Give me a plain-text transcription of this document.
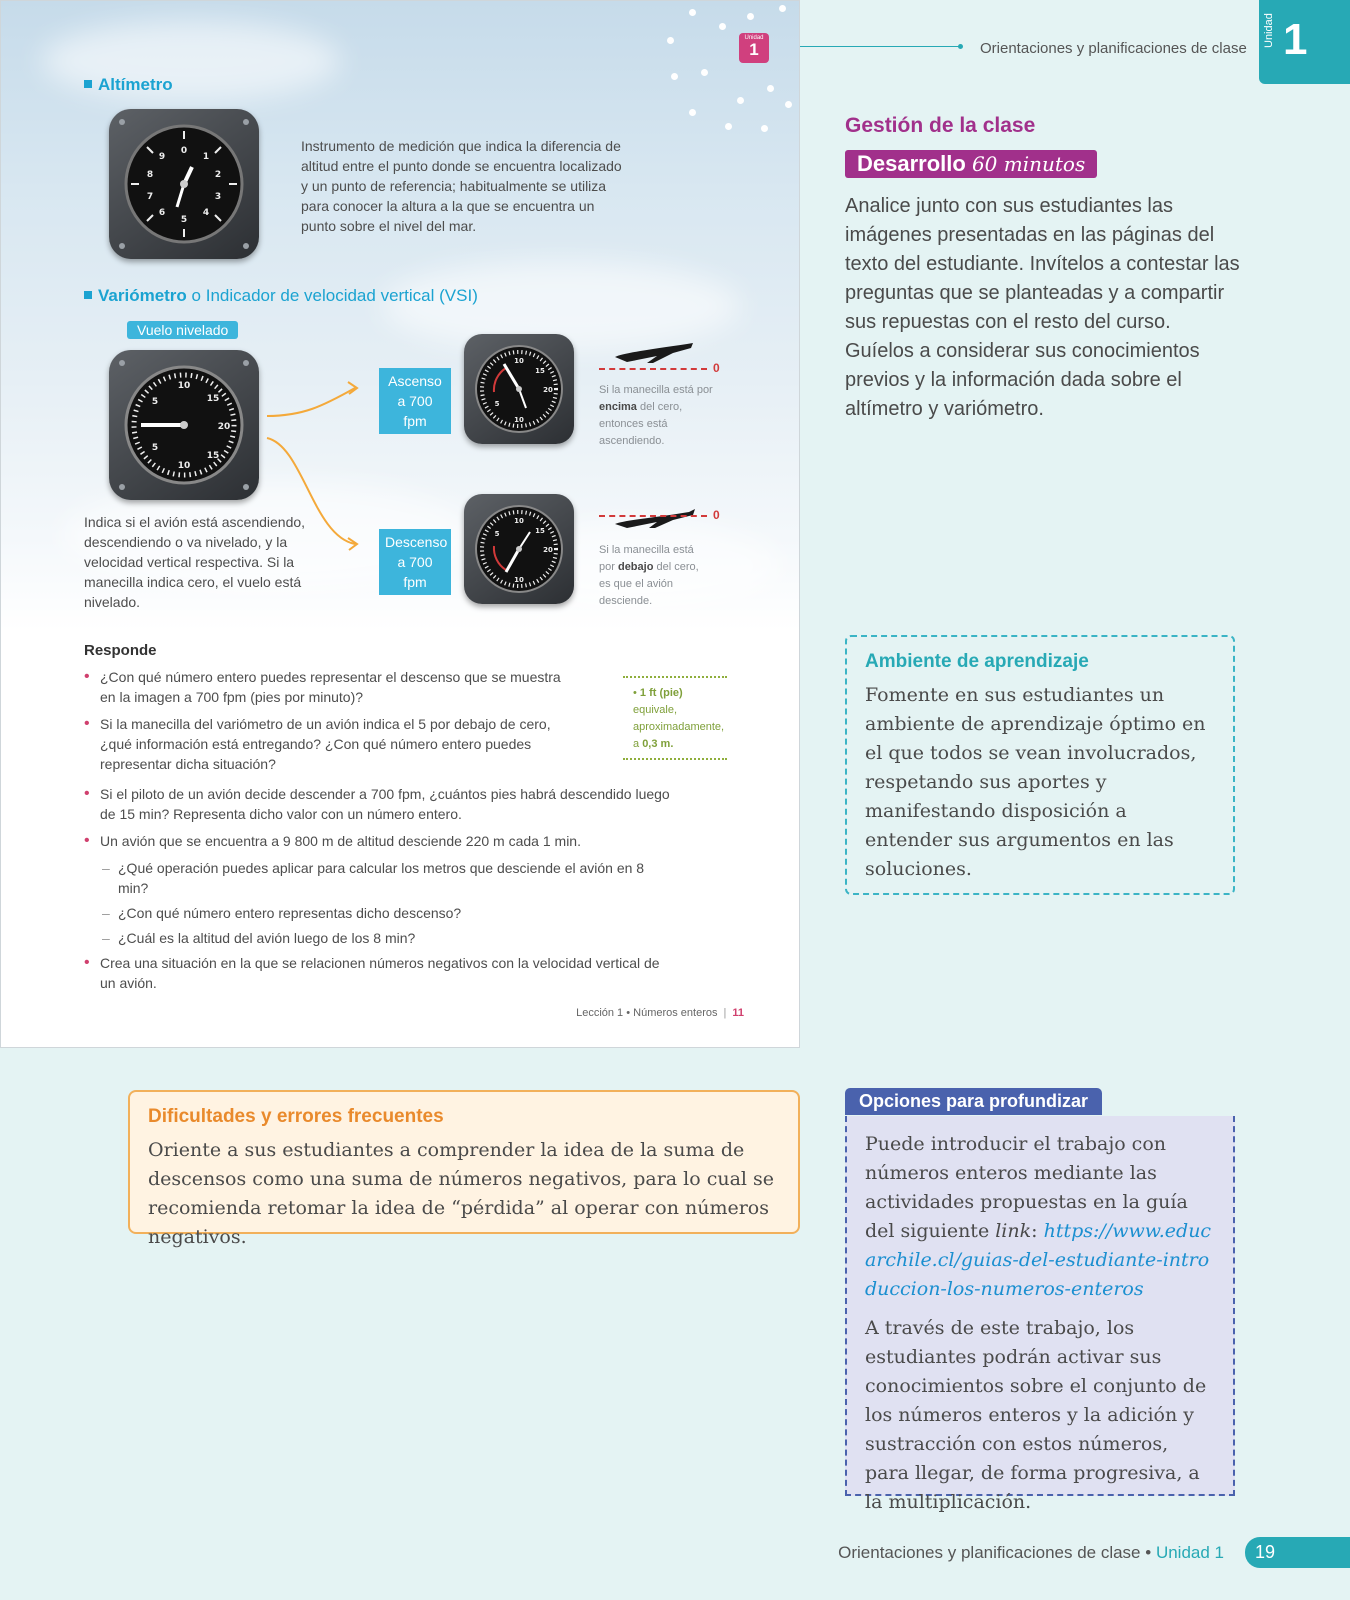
Unidad
1
Altímetro
0
1
2
3
4
5
6
7
8
9
Instrumento de medición que indica la diferencia de altitud entre el punto donde se encuentra localizado y un punto de referencia; habitualmente se utiliza para conocer la altura a la que se encuentra un punto sobre el nivel del mar.
Variómetro o Indicador de velocidad vertical (VSI)
Vuelo nivelado
10
15
20
15
10
5
5
Ascenso a 700 fpm
Descenso a 700 fpm
10
15
20
10
5
10
15
20
10
5
0
0
Si la manecilla está por encima del cero, entonces está ascendiendo.
Si la manecilla está por debajo del cero, es que el avión desciende.
Indica si el avión está ascendiendo, descendiendo o va nivelado, y la velocidad vertical respectiva. Si la manecilla indica cero, el vuelo está nivelado.
Responde
• ¿Con qué número entero puedes representar el descenso que se muestra en la imagen a 700 fpm (pies por minuto)?
• Si la manecilla del variómetro de un avión indica el 5 por debajo de cero, ¿qué información está entregando? ¿Con qué número entero puedes representar dicha situación?
• Si el piloto de un avión decide descender a 700 fpm, ¿cuántos pies habrá descendido luego de 15 min? Representa dicho valor con un número entero.
• Un avión que se encuentra a 9 800 m de altitud desciende 220 m cada 1 min.
– ¿Qué operación puedes aplicar para calcular los metros que desciende el avión en 8 min?
– ¿Con qué número entero representas dicho descenso?
– ¿Cuál es la altitud del avión luego de los 8 min?
• Crea una situación en la que se relacionen números negativos con la velocidad vertical de un avión.
• 1 ft (pie) equivale, aproximadamente, a 0,3 m.
Lección 1 • Números enteros | 11
Orientaciones y planificaciones de clase
Unidad 1
Gestión de la clase
Desarrollo 60 minutos
Analice junto con sus estudiantes las imágenes presentadas en las páginas del texto del estudiante. Invítelos a contestar las preguntas que se planteadas y a compartir sus repuestas con el resto del curso. Guíelos a considerar sus conocimientos previos y la información dada sobre el altímetro y variómetro.
Ambiente de aprendizaje

Fomente en sus estudiantes un ambiente de aprendizaje óptimo en el que todos se vean involucrados, respetando sus aportes y manifestando disposición a entender sus argumentos en las soluciones.

Dificultades y errores frecuentes

Oriente a sus estudiantes a comprender la idea de la suma de descensos como una suma de números negativos, para lo cual se recomienda retomar la idea de “pérdida” al operar con números negativos.

Opciones para profundizar

Puede introducir el trabajo con números enteros mediante las actividades propuestas en la guía del siguiente link: https://www.educarchile.cl/guias-del-estudiante-introduccion-los-numeros-enteros

A través de este trabajo, los estudiantes podrán activar sus conocimientos sobre el conjunto de los números enteros y la adición y sustracción con estos números, para llegar, de forma progresiva, a la multiplicación.

Orientaciones y planificaciones de clase • Unidad 1	19
